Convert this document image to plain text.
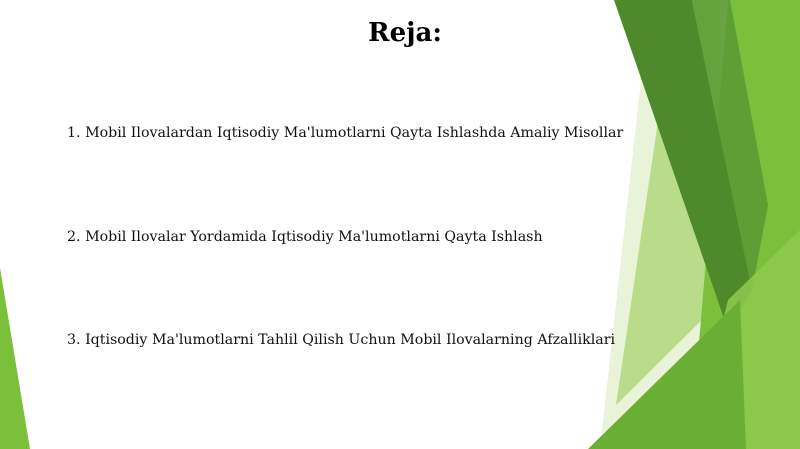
Reja:
1. Mobil Ilovalardan Iqtisodiy Ma'lumotlarni Qayta Ishlashda Amaliy Misollar
2. Mobil Ilovalar Yordamida Iqtisodiy Ma'lumotlarni Qayta Ishlash
3. Iqtisodiy Ma'lumotlarni Tahlil Qilish Uchun Mobil Ilovalarning Afzalliklari
